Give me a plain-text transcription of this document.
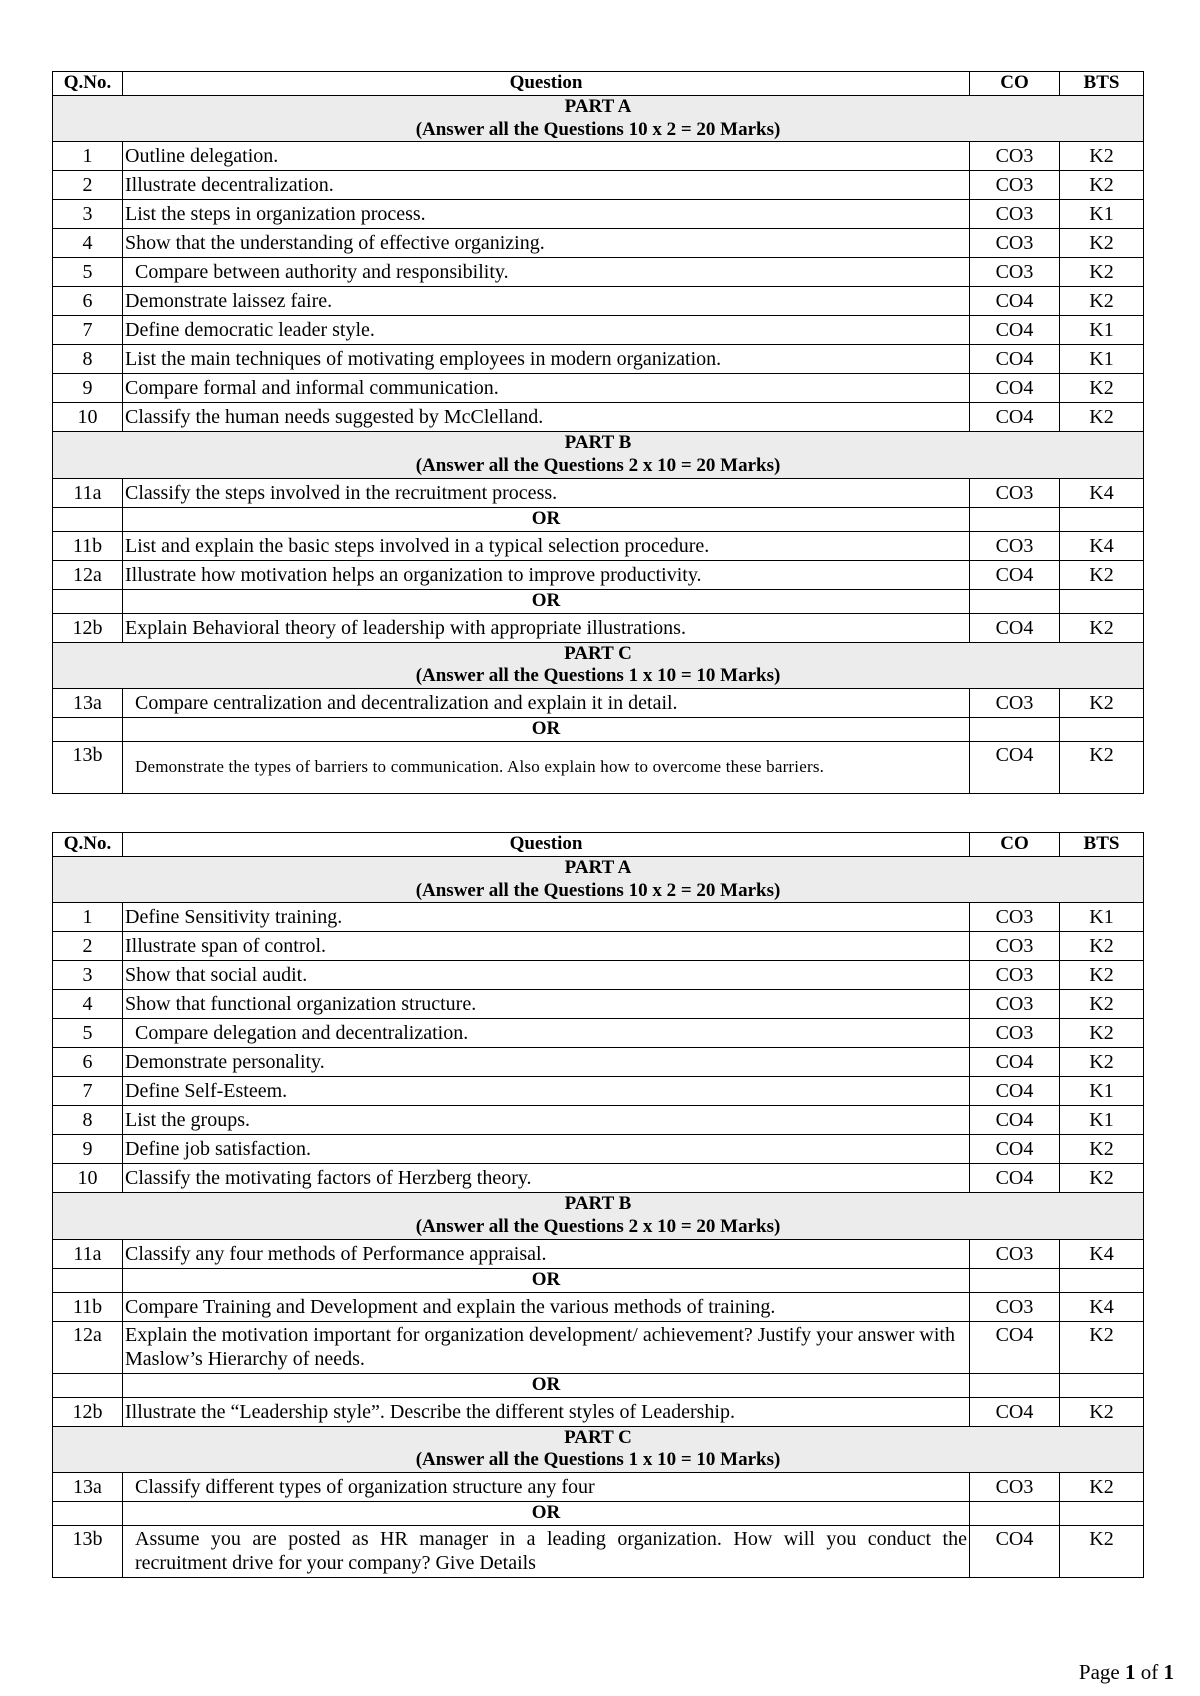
Q.No.	Question	CO	BTS

PART A
(Answer all the Questions 10 x 2 = 20 Marks)			

1	Outline delegation.	CO3	K2
2	Illustrate decentralization.	CO3	K2
3	List the steps in organization process.	CO3	K1
4	Show that the understanding of effective organizing.	CO3	K2
5	Compare between authority and responsibility.	CO3	K2
6	Demonstrate laissez faire.	CO4	K2
7	Define democratic leader style.	CO4	K1
8	List the main techniques of motivating employees in modern organization.	CO4	K1
9	Compare formal and informal communication.	CO4	K2
10	Classify the human needs suggested by McClelland.	CO4	K2

PART B
(Answer all the Questions 2 x 10 = 20 Marks)			

11a	Classify the steps involved in the recruitment process.	CO3	K4
	OR		
11b	List and explain the basic steps involved in a typical selection procedure.	CO3	K4
12a	Illustrate how motivation helps an organization to improve productivity.	CO4	K2
	OR		
12b	Explain Behavioral theory of leadership with appropriate illustrations.	CO4	K2

PART C
(Answer all the Questions 1 x 10 = 10 Marks)			

13a	Compare centralization and decentralization and explain it in detail.	CO3	K2
	OR		
13b	Demonstrate the types of barriers to communication. Also explain how to overcome these barriers.	CO4	K2
Q.No.	Question	CO	BTS

PART A
(Answer all the Questions 10 x 2 = 20 Marks)			

1	Define Sensitivity training.	CO3	K1
2	Illustrate span of control.	CO3	K2
3	Show that social audit.	CO3	K2
4	Show that functional organization structure.	CO3	K2
5	Compare delegation and decentralization.	CO3	K2
6	Demonstrate personality.	CO4	K2
7	Define Self-Esteem.	CO4	K1
8	List the groups.	CO4	K1
9	Define job satisfaction.	CO4	K2
10	Classify the motivating factors of Herzberg theory.	CO4	K2

PART B
(Answer all the Questions 2 x 10 = 20 Marks)			

11a	Classify any four methods of Performance appraisal.	CO3	K4
	OR		
11b	Compare Training and Development and explain the various methods of training.	CO3	K4
12a	Explain the motivation important for organization development/ achievement? Justify your answer with Maslow’s Hierarchy of needs.	CO4	K2
	OR		
12b	Illustrate the “Leadership style”. Describe the different styles of Leadership.	CO4	K2

PART C
(Answer all the Questions 1 x 10 = 10 Marks)			

13a	Classify different types of organization structure any four	CO3	K2
	OR		
13b	Assume you are posted as HR manager in a leading organization. How will you conduct the recruitment drive for your company? Give Details	CO4	K2
Page 1 of 1
